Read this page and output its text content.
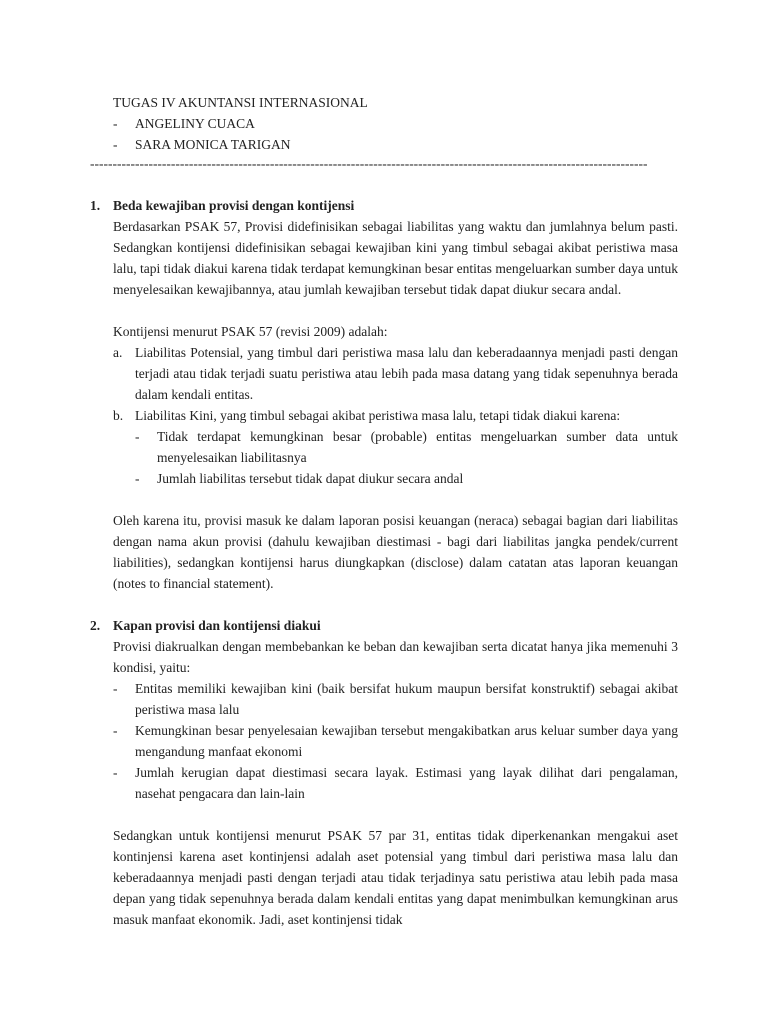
TUGAS IV AKUNTANSI INTERNASIONAL
-	ANGELINY CUACA
-	SARA MONICA TARIGAN
----------------------------------------------------------------------------------------------------------------------------
1. Beda kewajiban provisi dengan kontijensi
Berdasarkan PSAK 57, Provisi didefinisikan sebagai liabilitas yang waktu dan jumlahnya belum pasti. Sedangkan kontijensi didefinisikan sebagai kewajiban kini yang timbul sebagai akibat peristiwa masa lalu, tapi tidak diakui karena tidak terdapat kemungkinan besar entitas mengeluarkan sumber daya untuk menyelesaikan kewajibannya, atau jumlah kewajiban tersebut tidak dapat diukur secara andal.
Kontijensi menurut PSAK 57 (revisi 2009) adalah:
a. Liabilitas Potensial, yang timbul dari peristiwa masa lalu dan keberadaannya menjadi pasti dengan terjadi atau tidak terjadi suatu peristiwa atau lebih pada masa datang yang tidak sepenuhnya berada dalam kendali entitas.
b. Liabilitas Kini, yang timbul sebagai akibat peristiwa masa lalu, tetapi tidak diakui karena:
-	Tidak terdapat kemungkinan besar (probable) entitas mengeluarkan sumber data untuk menyelesaikan liabilitasnya
-	Jumlah liabilitas tersebut tidak dapat diukur secara andal
Oleh karena itu, provisi masuk ke dalam laporan posisi keuangan (neraca) sebagai bagian dari liabilitas dengan nama akun provisi (dahulu kewajiban diestimasi - bagi dari liabilitas jangka pendek/current liabilities), sedangkan kontijensi harus diungkapkan (disclose) dalam catatan atas laporan keuangan (notes to financial statement).
2. Kapan provisi dan kontijensi diakui
Provisi diakrualkan dengan membebankan ke beban dan kewajiban serta dicatat hanya jika memenuhi 3 kondisi, yaitu:
-	Entitas memiliki kewajiban kini (baik bersifat hukum maupun bersifat konstruktif) sebagai akibat peristiwa masa lalu
-	Kemungkinan besar penyelesaian kewajiban tersebut mengakibatkan arus keluar sumber daya yang mengandung manfaat ekonomi
-	Jumlah kerugian dapat diestimasi secara layak. Estimasi yang layak dilihat dari pengalaman, nasehat pengacara dan lain-lain
Sedangkan untuk kontijensi menurut PSAK 57 par 31, entitas tidak diperkenankan mengakui aset kontinjensi karena aset kontinjensi adalah aset potensial yang timbul dari peristiwa masa lalu dan keberadaannya menjadi pasti dengan terjadi atau tidak terjadinya satu peristiwa atau lebih pada masa depan yang tidak sepenuhnya berada dalam kendali entitas yang dapat menimbulkan kemungkinan arus masuk manfaat ekonomik. Jadi, aset kontinjensi tidak
